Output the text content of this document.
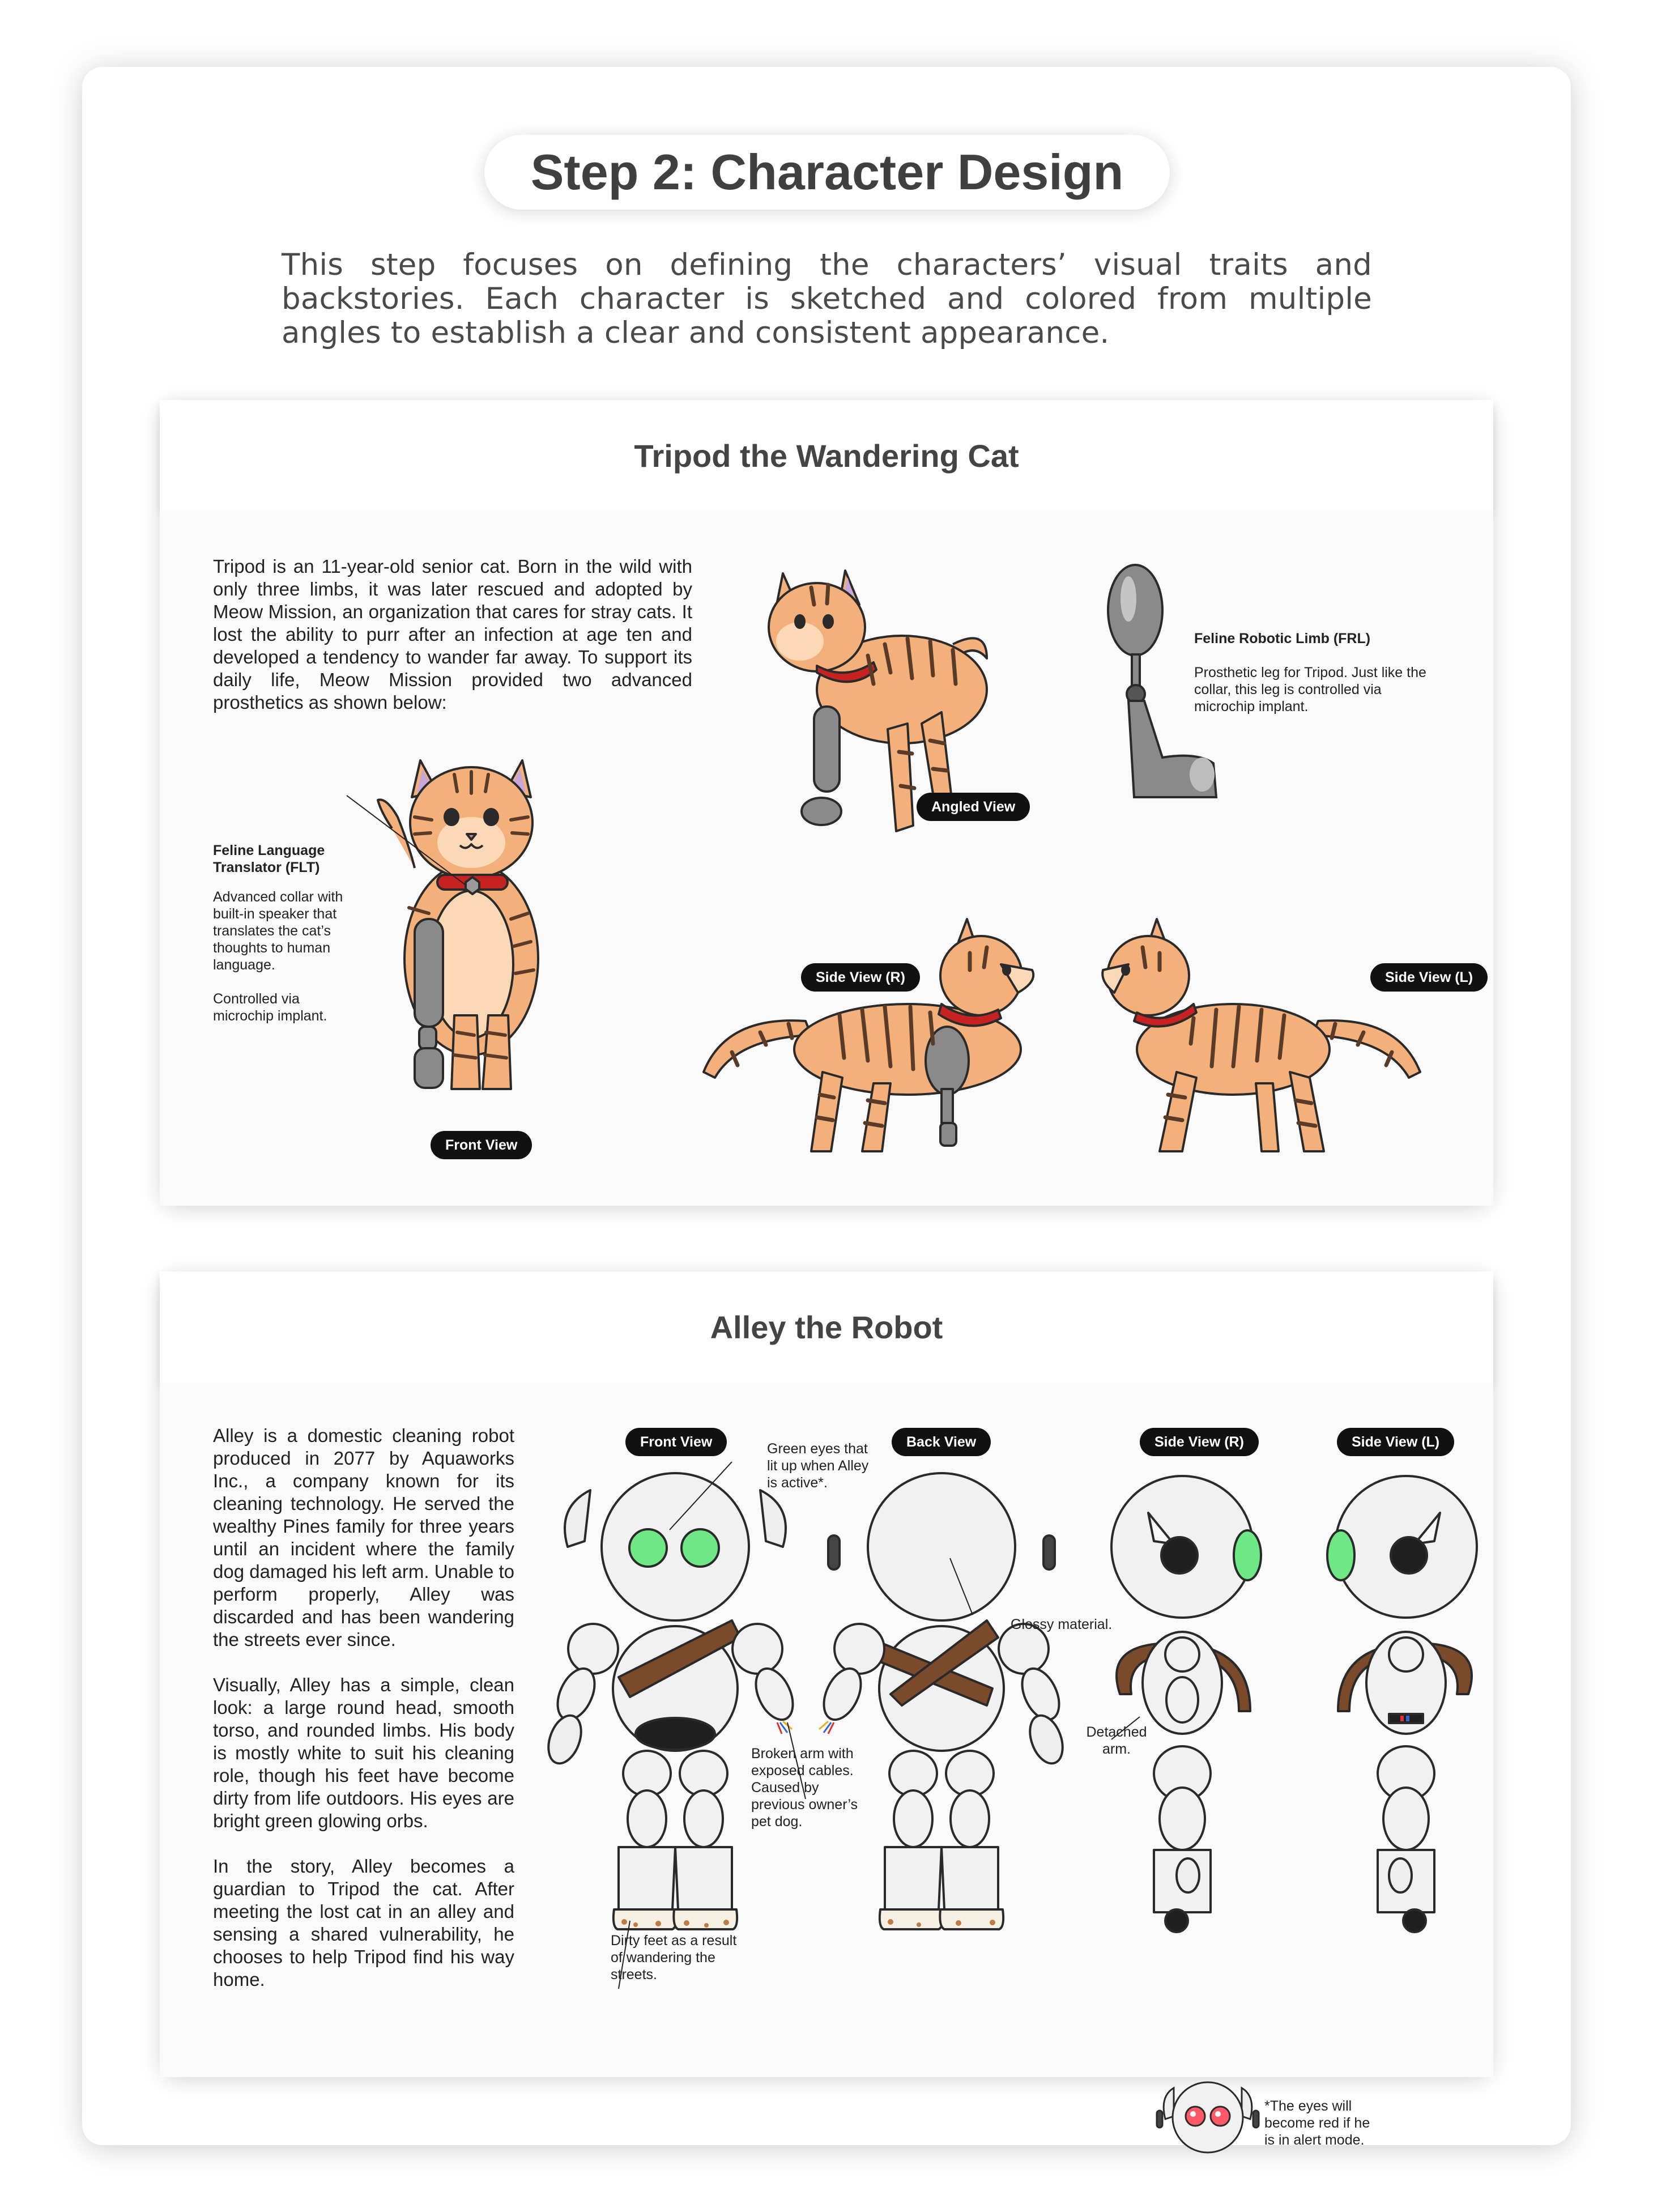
Step 2: Character Design
This step focuses on defining the characters’ visual traits and backstories. Each character is sketched and colored from multiple angles to establish a clear and consistent appearance.
Tripod the Wandering Cat
Tripod is an 11-year-old senior cat. Born in the wild with only three limbs, it was later rescued and adopted by Meow Mission, an organization that cares for stray cats. It lost the ability to purr after an infection at age ten and developed a tendency to wander far away. To support its daily life, Meow Mission provided two advanced prosthetics as shown below:
Feline Language Translator (FLT)
Advanced collar with built-in speaker that translates the cat’s thoughts to human language.
Controlled via microchip implant.
Feline Robotic Limb (FRL)
Prosthetic leg for Tripod. Just like the collar, this leg is controlled via microchip implant.
Front View
Angled View
Side View (R)	Side View (L)
Alley the Robot
Alley is a domestic cleaning robot produced in 2077 by Aquaworks Inc., a company known for its cleaning technology. He served the wealthy Pines family for three years until an incident where the family dog damaged his left arm. Unable to perform properly, Alley was discarded and has been wandering the streets ever since.
Visually, Alley has a simple, clean look: a large round head, smooth torso, and rounded limbs. His body is mostly white to suit his cleaning role, though his feet have become dirty from life outdoors. His eyes are bright green glowing orbs.
In the story, Alley becomes a guardian to Tripod the cat. After meeting the lost cat in an alley and sensing a shared vulnerability, he chooses to help Tripod find his way home.
Front View	Back View	Side View (R)	Side View (L)
Green eyes that lit up when Alley is active*.
Glossy material.
Broken arm with exposed cables. Caused by previous owner’s pet dog.
Dirty feet as a result of wandering the streets.
Detached arm.
*The eyes will become red if he is in alert mode.
